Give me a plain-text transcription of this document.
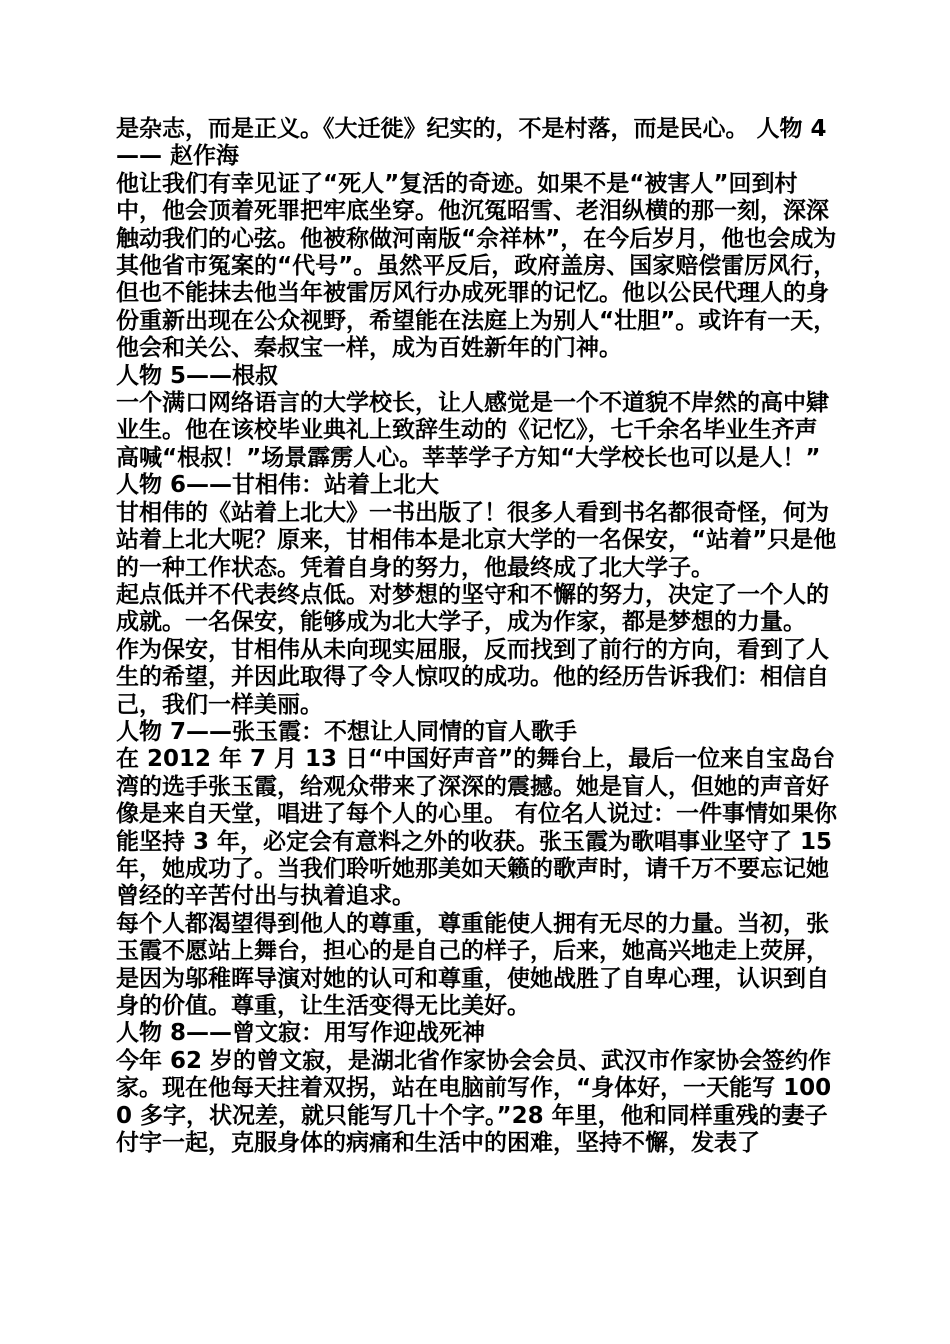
是杂志，而是正义。《大迁徙》纪实的，不是村落，而是民心。 人物 4—— 赵作海

他让我们有幸见证了“死人”复活的奇迹。如果不是“被害人”回到村中，他会顶着死罪把牢底坐穿。他沉冤昭雪、老泪纵横的那一刻，深深触动我们的心弦。他被称做河南版“佘祥林”，在今后岁月，他也会成为其他省市冤案的“代号”。虽然平反后，政府盖房、国家赔偿雷厉风行，但也不能抹去他当年被雷厉风行办成死罪的记忆。他以公民代理人的身份重新出现在公众视野，希望能在法庭上为别人“壮胆”。或许有一天，他会和关公、秦叔宝一样，成为百姓新年的门神。

人物 5——根叔

一个满口网络语言的大学校长，让人感觉是一个不道貌不岸然的高中肄业生。他在该校毕业典礼上致辞生动的《记忆》，七千余名毕业生齐声高喊“根叔！”场景霹雳人心。莘莘学子方知“大学校长也可以是人！”

人物 6——甘相伟：站着上北大

甘相伟的《站着上北大》一书出版了！很多人看到书名都很奇怪，何为站着上北大呢？原来，甘相伟本是北京大学的一名保安，“站着”只是他的一种工作状态。凭着自身的努力，他最终成了北大学子。

起点低并不代表终点低。对梦想的坚守和不懈的努力，决定了一个人的成就。一名保安，能够成为北大学子，成为作家，都是梦想的力量。

作为保安，甘相伟从未向现实屈服，反而找到了前行的方向，看到了人生的希望，并因此取得了令人惊叹的成功。他的经历告诉我们：相信自己，我们一样美丽。

人物 7——张玉霞：不想让人同情的盲人歌手

在 2012 年 7 月 13 日“中国好声音”的舞台上，最后一位来自宝岛台湾的选手张玉霞，给观众带来了深深的震撼。她是盲人，但她的声音好像是来自天堂，唱进了每个人的心里。 有位名人说过：一件事情如果你能坚持 3 年，必定会有意料之外的收获。张玉霞为歌唱事业坚守了 15 年，她成功了。当我们聆听她那美如天籁的歌声时，请千万不要忘记她曾经的辛苦付出与执着追求。

每个人都渴望得到他人的尊重，尊重能使人拥有无尽的力量。当初，张玉霞不愿站上舞台，担心的是自己的样子，后来，她高兴地走上荧屏，是因为邬稚晖导演对她的认可和尊重，使她战胜了自卑心理，认识到自身的价值。尊重，让生活变得无比美好。

人物 8——曾文寂：用写作迎战死神

今年 62 岁的曾文寂，是湖北省作家协会会员、武汉市作家协会签约作家。现在他每天拄着双拐，站在电脑前写作，“身体好，一天能写 1000 多字，状况差，就只能写几十个字。”28 年里，他和同样重残的妻子付宇一起，克服身体的病痛和生活中的困难，坚持不懈，发表了
